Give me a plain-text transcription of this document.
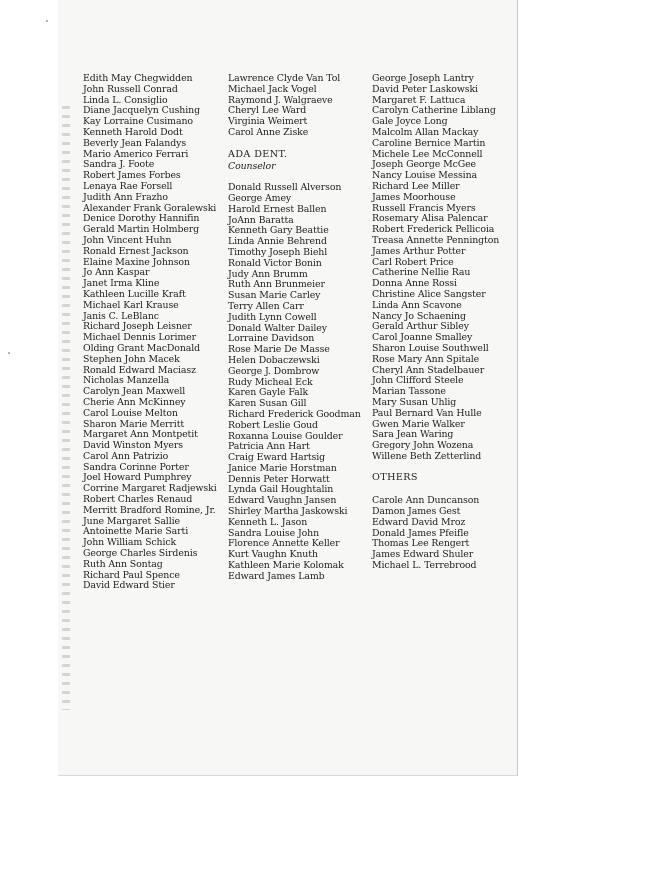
Edith May Chegwidden
John Russell Conrad
Linda L. Consiglio
Diane Jacquelyn Cushing
Kay Lorraine Cusimano
Kenneth Harold Dodt
Beverly Jean Falandys
Mario Americo Ferrari
Sandra J. Foote
Robert James Forbes
Lenaya Rae Forsell
Judith Ann Frazho
Alexander Frank Goralewski
Denice Dorothy Hannifin
Gerald Martin Holmberg
John Vincent Huhn
Ronald Ernest Jackson
Elaine Maxine Johnson
Jo Ann Kaspar
Janet Irma Kline
Kathleen Lucille Kraft
Michael Karl Krause
Janis C. LeBlanc
Richard Joseph Leisner
Michael Dennis Lorimer
Olding Grant MacDonald
Stephen John Macek
Ronald Edward Maciasz
Nicholas Manzella
Carolyn Jean Maxwell
Cherie Ann McKinney
Carol Louise Melton
Sharon Marie Merritt
Margaret Ann Montpetit
David Winston Myers
Carol Ann Patrizio
Sandra Corinne Porter
Joel Howard Pumphrey
Corrine Margaret Radjewski
Robert Charles Renaud
Merritt Bradford Romine, Jr.
June Margaret Sallie
Antoinette Marie Sarti
John William Schick
George Charles Sirdenis
Ruth Ann Sontag
Richard Paul Spence
David Edward Stier
Lawrence Clyde Van Tol
Michael Jack Vogel
Raymond J. Walgraeve
Cheryl Lee Ward
Virginia Weimert
Carol Anne Ziske
ADA DENT.
Counselor
Donald Russell Alverson
George Amey
Harold Ernest Ballen
JoAnn Baratta
Kenneth Gary Beattie
Linda Annie Behrend
Timothy Joseph Biehl
Ronald Victor Bonin
Judy Ann Brumm
Ruth Ann Brunmeier
Susan Marie Carley
Terry Allen Carr
Judith Lynn Cowell
Donald Walter Dailey
Lorraine Davidson
Rose Marie De Masse
Helen Dobaczewski
George J. Dombrow
Rudy Micheal Eck
Karen Gayle Falk
Karen Susan Gill
Richard Frederick Goodman
Robert Leslie Goud
Roxanna Louise Goulder
Patricia Ann Hart
Craig Eward Hartsig
Janice Marie Horstman
Dennis Peter Horwatt
Lynda Gail Houghtalin
Edward Vaughn Jansen
Shirley Martha Jaskowski
Kenneth L. Jason
Sandra Louise John
Florence Annette Keller
Kurt Vaughn Knuth
Kathleen Marie Kolomak
Edward James Lamb
George Joseph Lantry
David Peter Laskowski
Margaret F. Lattuca
Carolyn Catherine Liblang
Gale Joyce Long
Malcolm Allan Mackay
Caroline Bernice Martin
Michele Lee McConnell
Joseph George McGee
Nancy Louise Messina
Richard Lee Miller
James Moorhouse
Russell Francis Myers
Rosemary Alisa Palencar
Robert Frederick Pellicoia
Treasa Annette Pennington
James Arthur Potter
Carl Robert Price
Catherine Nellie Rau
Donna Anne Rossi
Christine Alice Sangster
Linda Ann Scavone
Nancy Jo Schaening
Gerald Arthur Sibley
Carol Joanne Smalley
Sharon Louise Southwell
Rose Mary Ann Spitale
Cheryl Ann Stadelbauer
John Clifford Steele
Marian Tassone
Mary Susan Uhlig
Paul Bernard Van Hulle
Gwen Marie Walker
Sara Jean Waring
Gregory John Wozena
Willene Beth Zetterlind
OTHERS
Carole Ann Duncanson
Damon James Gest
Edward David Mroz
Donald James Pfeifle
Thomas Lee Rengert
James Edward Shuler
Michael L. Terrebrood
